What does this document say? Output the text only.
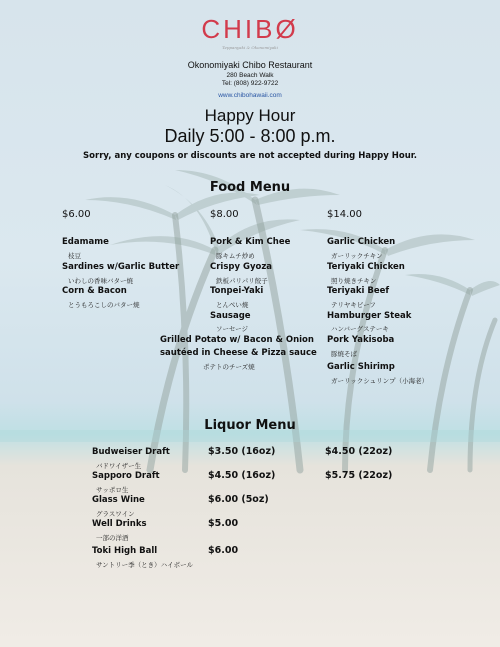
CHIBØ
Teppanyaki & Okonomiyaki
Okonomiyaki Chibo Restaurant
280 Beach Walk
Tel: (808) 922-9722
www.chibohawaii.com
Happy Hour
Daily 5:00 - 8:00 p.m.
Sorry, any coupons or discounts are not accepted during Happy Hour.
Food Menu
$6.00	$8.00	$14.00
Edamame
枝豆
Sardines w/Garlic Butter
いわしの香味バター焼
Corn & Bacon
とうもろこしのバター焼
Pork & Kim Chee
豚キムチ炒め
Crispy Gyoza
鉄板パリパリ餃子
Tonpei-Yaki
とんぺい焼
Sausage
ソーセージ
Grilled Potato w/ Bacon & Onion
sautéed in Cheese & Pizza sauce
ポテトのチーズ焼
Garlic Chicken
ガーリックチキン
Teriyaki Chicken
照り焼きチキン
Teriyaki Beef
テリヤキビーフ
Hamburger Steak
ハンバーグステーキ
Pork Yakisoba
豚焼そば
Garlic Shirimp
ガーリックシュリンプ（小海老）
Liquor Menu
Budweiser Draft
バドワイザー生
$3.50 (16oz)	$4.50 (22oz)
Sapporo Draft
サッポロ生
$4.50 (16oz)	$5.75 (22oz)
Glass Wine
グラスワイン
$6.00 (5oz)
Well Drinks
一部の洋酒
$5.00
Toki High Ball
サントリー季（とき）ハイボール
$6.00
